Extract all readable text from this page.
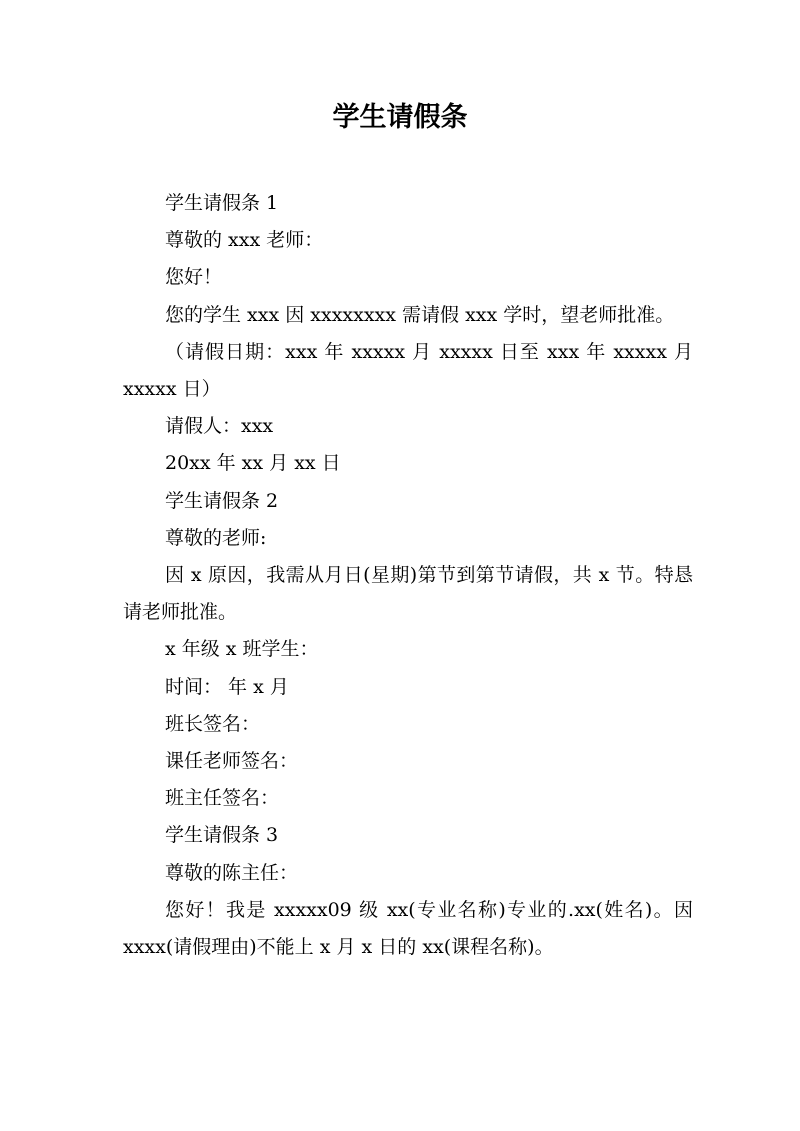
学生请假条

学生请假条 1

尊敬的 xxx 老师：

您好！

您的学生 xxx 因 xxxxxxxx 需请假 xxx 学时，望老师批准。

（请假日期：xxx 年 xxxxx 月 xxxxx 日至 xxx 年 xxxxx 月 xxxxx 日）

请假人：xxx

20xx 年 xx 月 xx 日

学生请假条 2

尊敬的老师:

因 x 原因，我需从月日(星期)第节到第节请假，共 x 节。特恳请老师批准。

x 年级 x 班学生：

时间： 年 x 月

班长签名：

课任老师签名：

班主任签名：

学生请假条 3

尊敬的陈主任：

您好！我是 xxxxx09 级 xx(专业名称)专业的.xx(姓名)。因 xxxx(请假理由)不能上 x 月 x 日的 xx(课程名称)。
